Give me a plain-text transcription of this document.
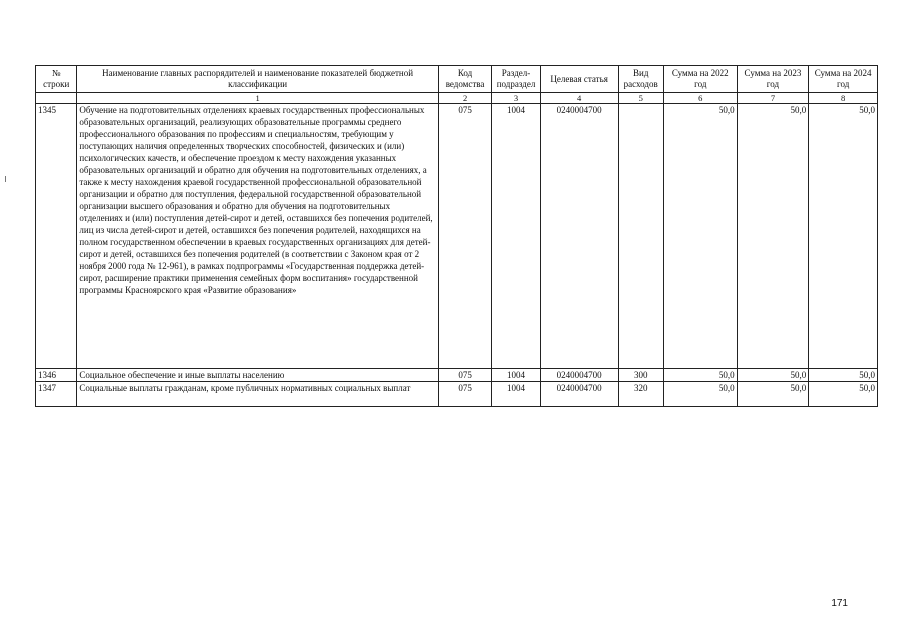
№ строки	Наименование главных распорядителей и наименование показателей бюджетной классификации	Код ведомства	Раздел-подраздел	Целевая статья	Вид расходов	Сумма на 2022 год	Сумма на 2023 год	Сумма на 2024 год
	1	2	3	4	5	6	7	8
1345	Обучение на подготовительных отделениях краевых государственных профессиональных образовательных организаций, реализующих образовательные программы среднего профессионального образования по профессиям и специальностям, требующим у поступающих наличия определенных творческих способностей, физических и (или) психологических качеств, и обеспечение проездом к месту нахождения указанных образовательных организаций и обратно для обучения на подготовительных отделениях, а также к месту нахождения краевой государственной профессиональной образовательной организации и обратно для поступления, федеральной государственной образовательной организации высшего образования и обратно для обучения на подготовительных отделениях и (или) поступления детей-сирот и детей, оставшихся без попечения родителей, лиц из числа детей-сирот и детей, оставшихся без попечения родителей, находящихся на полном государственном обеспечении в краевых государственных организациях для детей-сирот и детей, оставшихся без попечения родителей (в соответствии с Законом края от 2 ноября 2000 года № 12-961), в рамках подпрограммы «Государственная поддержка детей-сирот, расширение практики применения семейных форм воспитания» государственной программы Красноярского края «Развитие образования»	075	1004	0240004700		50,0	50,0	50,0
1346	Социальное обеспечение и иные выплаты населению	075	1004	0240004700	300	50,0	50,0	50,0
1347	Социальные выплаты гражданам, кроме публичных нормативных социальных выплат	075	1004	0240004700	320	50,0	50,0	50,0
171
